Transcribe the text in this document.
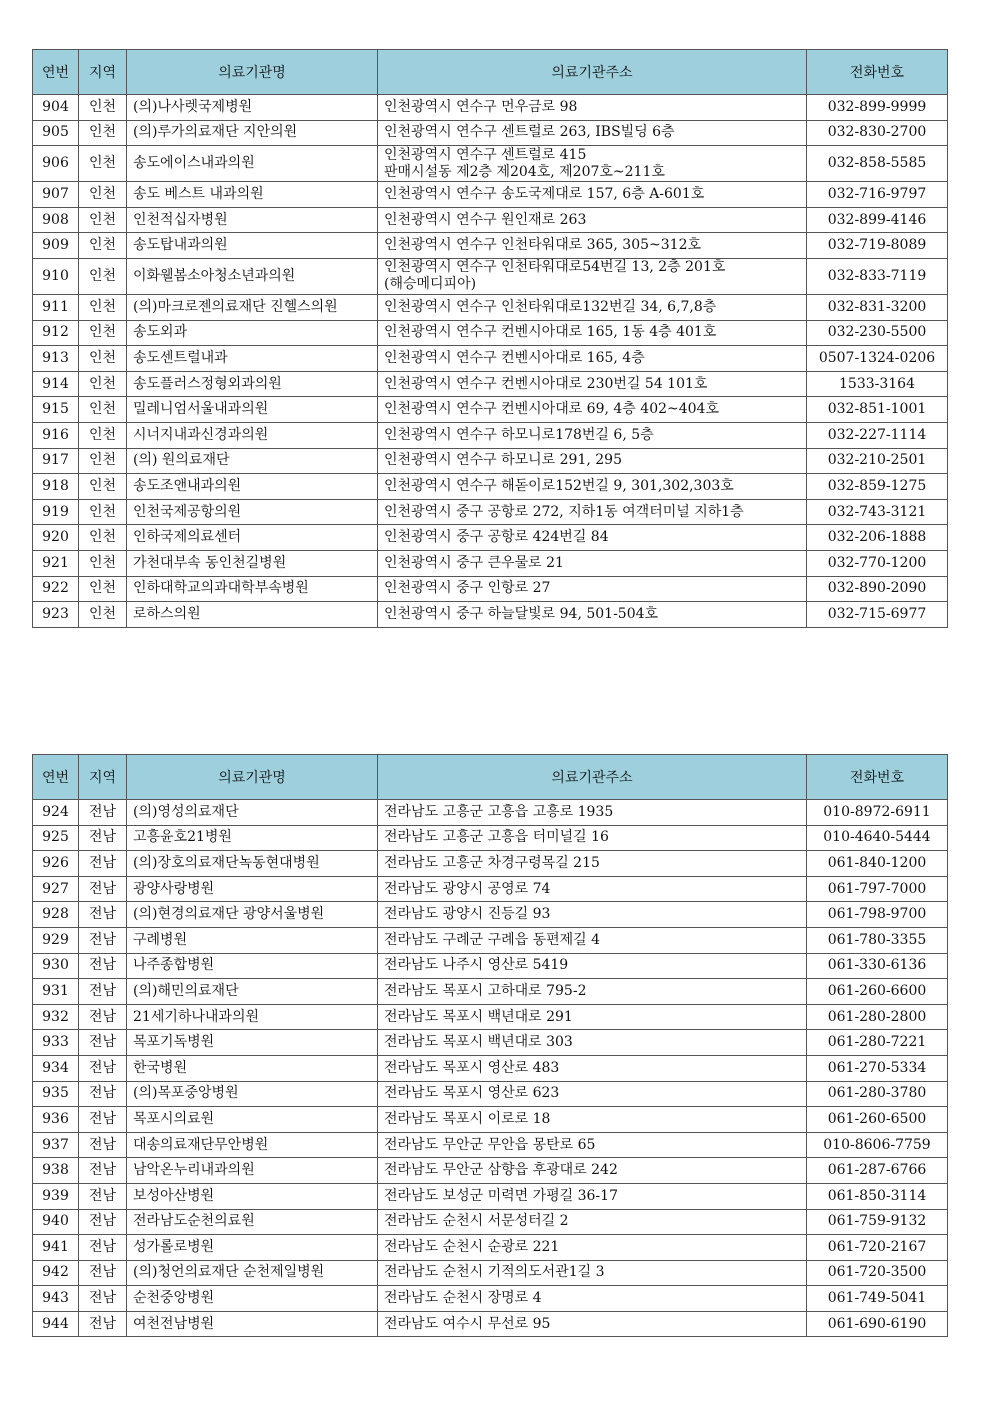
연번	지역	의료기관명	의료기관주소	전화번호
904	인천	(의)나사렛국제병원	인천광역시 연수구 먼우금로 98	032-899-9999
905	인천	(의)루가의료재단 지안의원	인천광역시 연수구 센트럴로 263, IBS빌딩 6층	032-830-2700
906	인천	송도에이스내과의원	인천광역시 연수구 센트럴로 415
판매시설동 제2층 제204호, 제207호~211호	032-858-5585
907	인천	송도 베스트 내과의원	인천광역시 연수구 송도국제대로 157, 6층 A-601호	032-716-9797
908	인천	인천적십자병원	인천광역시 연수구 원인재로 263	032-899-4146
909	인천	송도탑내과의원	인천광역시 연수구 인천타워대로 365, 305~312호	032-719-8089
910	인천	이화웰봄소아청소년과의원	인천광역시 연수구 인천타워대로54번길 13, 2층 201호
(해승메디피아)	032-833-7119
911	인천	(의)마크로젠의료재단 진헬스의원	인천광역시 연수구 인천타워대로132번길 34, 6,7,8층	032-831-3200
912	인천	송도외과	인천광역시 연수구 컨벤시아대로 165, 1동 4층 401호	032-230-5500
913	인천	송도센트럴내과	인천광역시 연수구 컨벤시아대로 165, 4층	0507-1324-0206
914	인천	송도플러스정형외과의원	인천광역시 연수구 컨벤시아대로 230번길 54 101호	1533-3164
915	인천	밀레니엄서울내과의원	인천광역시 연수구 컨벤시아대로 69, 4층 402~404호	032-851-1001
916	인천	시너지내과신경과의원	인천광역시 연수구 하모니로178번길 6, 5층	032-227-1114
917	인천	(의) 원의료재단	인천광역시 연수구 하모니로 291, 295	032-210-2501
918	인천	송도조앤내과의원	인천광역시 연수구 해돋이로152번길 9, 301,302,303호	032-859-1275
919	인천	인천국제공항의원	인천광역시 중구 공항로 272, 지하1동 여객터미널 지하1층	032-743-3121
920	인천	인하국제의료센터	인천광역시 중구 공항로 424번길 84	032-206-1888
921	인천	가천대부속 동인천길병원	인천광역시 중구 큰우물로 21	032-770-1200
922	인천	인하대학교의과대학부속병원	인천광역시 중구 인항로 27	032-890-2090
923	인천	로하스의원	인천광역시 중구 하늘달빛로 94, 501-504호	032-715-6977
연번	지역	의료기관명	의료기관주소	전화번호
924	전남	(의)영성의료재단	전라남도 고흥군 고흥읍 고흥로 1935	010-8972-6911
925	전남	고흥윤호21병원	전라남도 고흥군 고흥읍 터미널길 16	010-4640-5444
926	전남	(의)장호의료재단녹동현대병원	전라남도 고흥군 차경구령목길 215	061-840-1200
927	전남	광양사랑병원	전라남도 광양시 공영로 74	061-797-7000
928	전남	(의)현경의료재단 광양서울병원	전라남도 광양시 진등길 93	061-798-9700
929	전남	구례병원	전라남도 구례군 구례읍 동편제길 4	061-780-3355
930	전남	나주종합병원	전라남도 나주시 영산로 5419	061-330-6136
931	전남	(의)해민의료재단	전라남도 목포시 고하대로 795-2	061-260-6600
932	전남	21세기하나내과의원	전라남도 목포시 백년대로 291	061-280-2800
933	전남	목포기독병원	전라남도 목포시 백년대로 303	061-280-7221
934	전남	한국병원	전라남도 목포시 영산로 483	061-270-5334
935	전남	(의)목포중앙병원	전라남도 목포시 영산로 623	061-280-3780
936	전남	목포시의료원	전라남도 목포시 이로로 18	061-260-6500
937	전남	대송의료재단무안병원	전라남도 무안군 무안읍 몽탄로 65	010-8606-7759
938	전남	남악온누리내과의원	전라남도 무안군 삼향읍 후광대로 242	061-287-6766
939	전남	보성아산병원	전라남도 보성군 미력면 가평길 36-17	061-850-3114
940	전남	전라남도순천의료원	전라남도 순천시 서문성터길 2	061-759-9132
941	전남	성가롤로병원	전라남도 순천시 순광로 221	061-720-2167
942	전남	(의)청언의료재단 순천제일병원	전라남도 순천시 기적의도서관1길 3	061-720-3500
943	전남	순천중앙병원	전라남도 순천시 장명로 4	061-749-5041
944	전남	여천전남병원	전라남도 여수시 무선로 95	061-690-6190
